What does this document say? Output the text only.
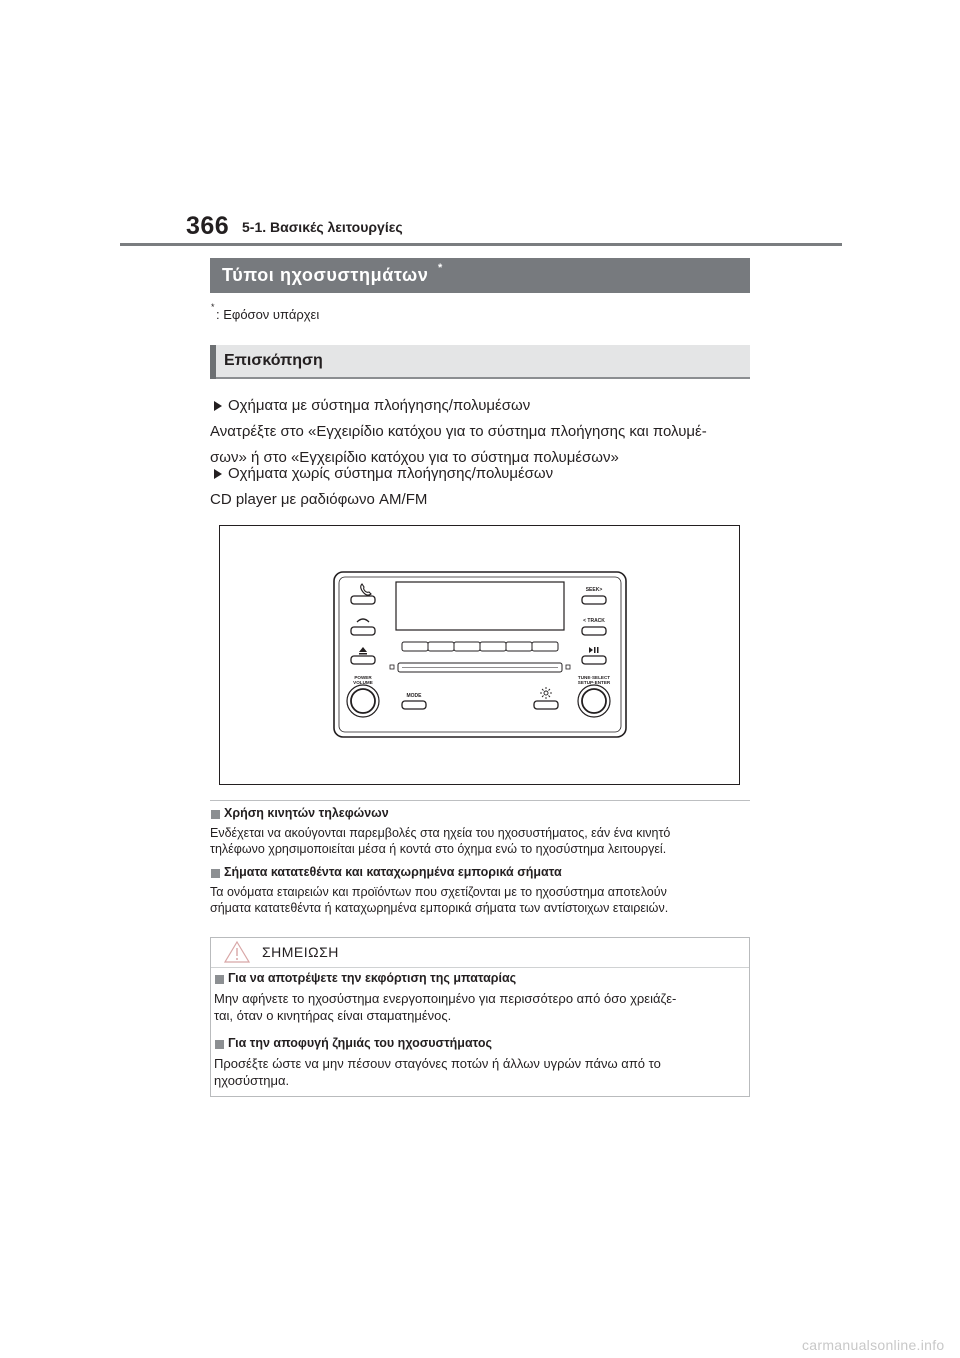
366 5-1. Βασικές λειτουργίες
Τύποι ηχοσυστημάτων *
* : Εφόσον υπάρχει
Επισκόπηση
Οχήματα με σύστημα πλοήγησης/πολυμέσων
Ανατρέξτε στο «Εγχειρίδιο κατόχου για το σύστημα πλοήγησης και πολυμέ-
σων» ή στο «Εγχειρίδιο κατόχου για το σύστημα πολυμέσων»
Οχήματα χωρίς σύστημα πλοήγησης/πολυμέσων
CD player με ραδιόφωνο AM/FM
POWER
VOLUME
MODE
SEEK>
< TRACK
TUNE·SELECT
SETUP·ENTER
Χρήση κινητών τηλεφώνων
Ενδέχεται να ακούγονται παρεμβολές στα ηχεία του ηχοσυστήματος, εάν ένα κινητό
τηλέφωνο χρησιμοποιείται μέσα ή κοντά στο όχημα ενώ το ηχοσύστημα λειτουργεί.
Σήματα κατατεθέντα και καταχωρημένα εμπορικά σήματα
Τα ονόματα εταιρειών και προϊόντων που σχετίζονται με το ηχοσύστημα αποτελούν
σήματα κατατεθέντα ή καταχωρημένα εμπορικά σήματα των αντίστοιχων εταιρειών.
ΣΗΜΕΙΩΣΗ
Για να αποτρέψετε την εκφόρτιση της μπαταρίας
Μην αφήνετε το ηχοσύστημα ενεργοποιημένο για περισσότερο από όσο χρειάζε-
ται, όταν ο κινητήρας είναι σταματημένος.
Για την αποφυγή ζημιάς του ηχοσυστήματος
Προσέξτε ώστε να μην πέσουν σταγόνες ποτών ή άλλων υγρών πάνω από το
ηχοσύστημα.
carmanualsonline.info
